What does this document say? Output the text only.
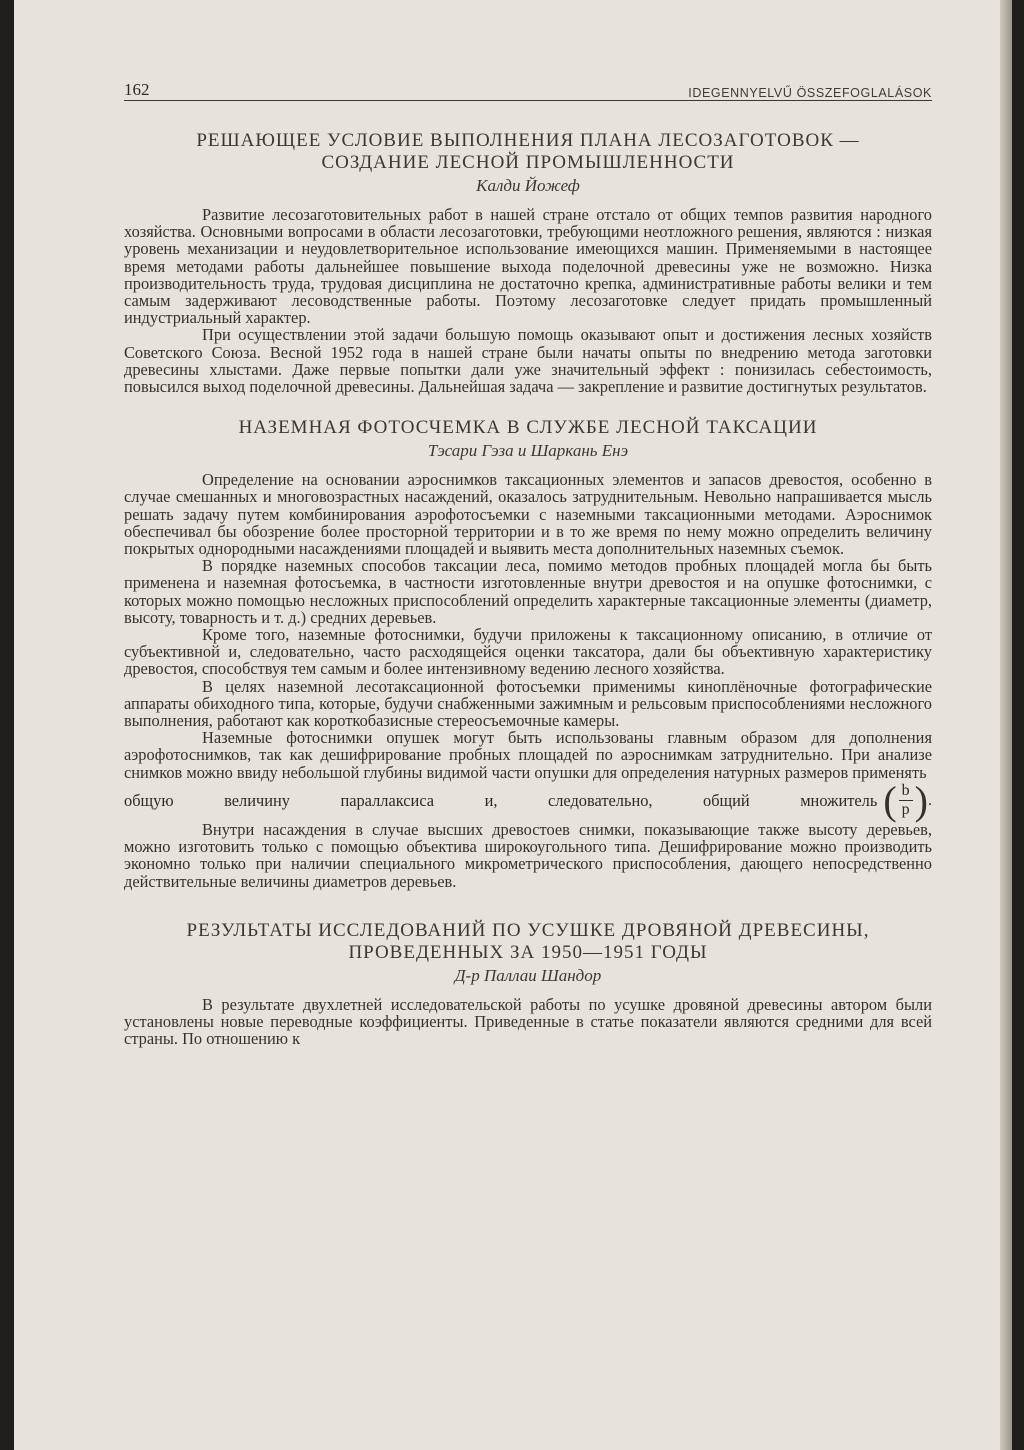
162	IDEGENNYELVŰ ÖSSZEFOGLALÁSOK
РЕШАЮЩЕЕ УСЛОВИЕ ВЫПОЛНЕНИЯ ПЛАНА ЛЕСОЗАГОТОВОК — СОЗДАНИЕ ЛЕСНОЙ ПРОМЫШЛЕННОСТИ
Калди Йожеф

Развитие лесозаготовительных работ в нашей стране отстало от общих темпов развития народного хозяйства. Основными вопросами в области лесозаготовки, требующими неотложного решения, являются : низкая уровень механизации и неудовлетворительное использование имеющихся машин. Применяемыми в настоящее время методами работы дальнейшее повышение выхода поделочной древесины уже не возможно. Низка производительность труда, трудовая дисциплина не достаточно крепка, административные работы велики и тем самым задерживают лесоводственные работы. Поэтому лесозаготовке следует придать промышленный индустриальный характер.

При осуществлении этой задачи большую помощь оказывают опыт и достижения лесных хозяйств Советского Союза. Весной 1952 года в нашей стране были начаты опыты по внедрению метода заготовки древесины хлыстами. Даже первые попытки дали уже значительный эффект : понизилась себестоимость, повысился выход поделочной древесины. Дальнейшая задача — закрепление и развитие достигнутых результатов.

НАЗЕМНАЯ ФОТОСЧЕМКА В СЛУЖБЕ ЛЕСНОЙ ТАКСАЦИИ
Тэсари Гэза и Шаркань Енэ

Определение на основании аэроснимков таксационных элементов и запасов древостоя, особенно в случае смешанных и многовозрастных насаждений, оказалось затруднительным. Невольно напрашивается мысль решать задачу путем комбинирования аэрофотосъемки с наземными таксационными методами. Аэроснимок обеспечивал бы обозрение более просторной территории и в то же время по нему можно определить величину покрытых однородными насаждениями площадей и выявить места дополнительных наземных съемок.

В порядке наземных способов таксации леса, помимо методов пробных площадей могла бы быть применена и наземная фотосъемка, в частности изготовленные внутри древостоя и на опушке фотоснимки, с которых можно помощью несложных приспособлений определить характерные таксационные элементы (диаметр, высоту, товарность и т. д.) средних деревьев.

Кроме того, наземные фотоснимки, будучи приложены к таксационному описанию, в отличие от субъективной и, следовательно, часто расходящейся оценки таксатора, дали бы объективную характеристику древостоя, способствуя тем самым и более интензивному ведению лесного хозяйства.

В целях наземной лесотаксационной фотосъемки применимы киноплёночные фотографические аппараты обиходного типа, которые, будучи снабженными зажимным и рельсовым приспособлениями несложного выполнения, работают как короткобазисные стереосъемочные камеры.

Наземные фотоснимки опушек могут быть использованы главным образом для дополнения аэрофотоснимков, так как дешифрирование пробных площадей по аэроснимкам затруднительно. При анализе снимков можно ввиду небольшой глубины видимой части опушки для определения натурных размеров применять

общую	величину	параллаксиса	и,	следовательно,	общий	множитель ( b
p ) .

Внутри насаждения в случае высших древостоев снимки, показывающие также высоту деревьев, можно изготовить только с помощью объектива широкоугольного типа. Дешифрирование можно производить экономно только при наличии специального микрометрического приспособления, дающего непосредственно действительные величины диаметров деревьев.

РЕЗУЛЬТАТЫ ИССЛЕДОВАНИЙ ПО УСУШКЕ ДРОВЯНОЙ ДРЕВЕСИНЫ, ПРОВЕДЕННЫХ ЗА 1950—1951 ГОДЫ
Д-р Паллаи Шандор

В результате двухлетней исследовательской работы по усушке дровяной древесины автором были установлены новые переводные коэффициенты. Приведенные в статье показатели являются средними для всей страны. По отношению к
